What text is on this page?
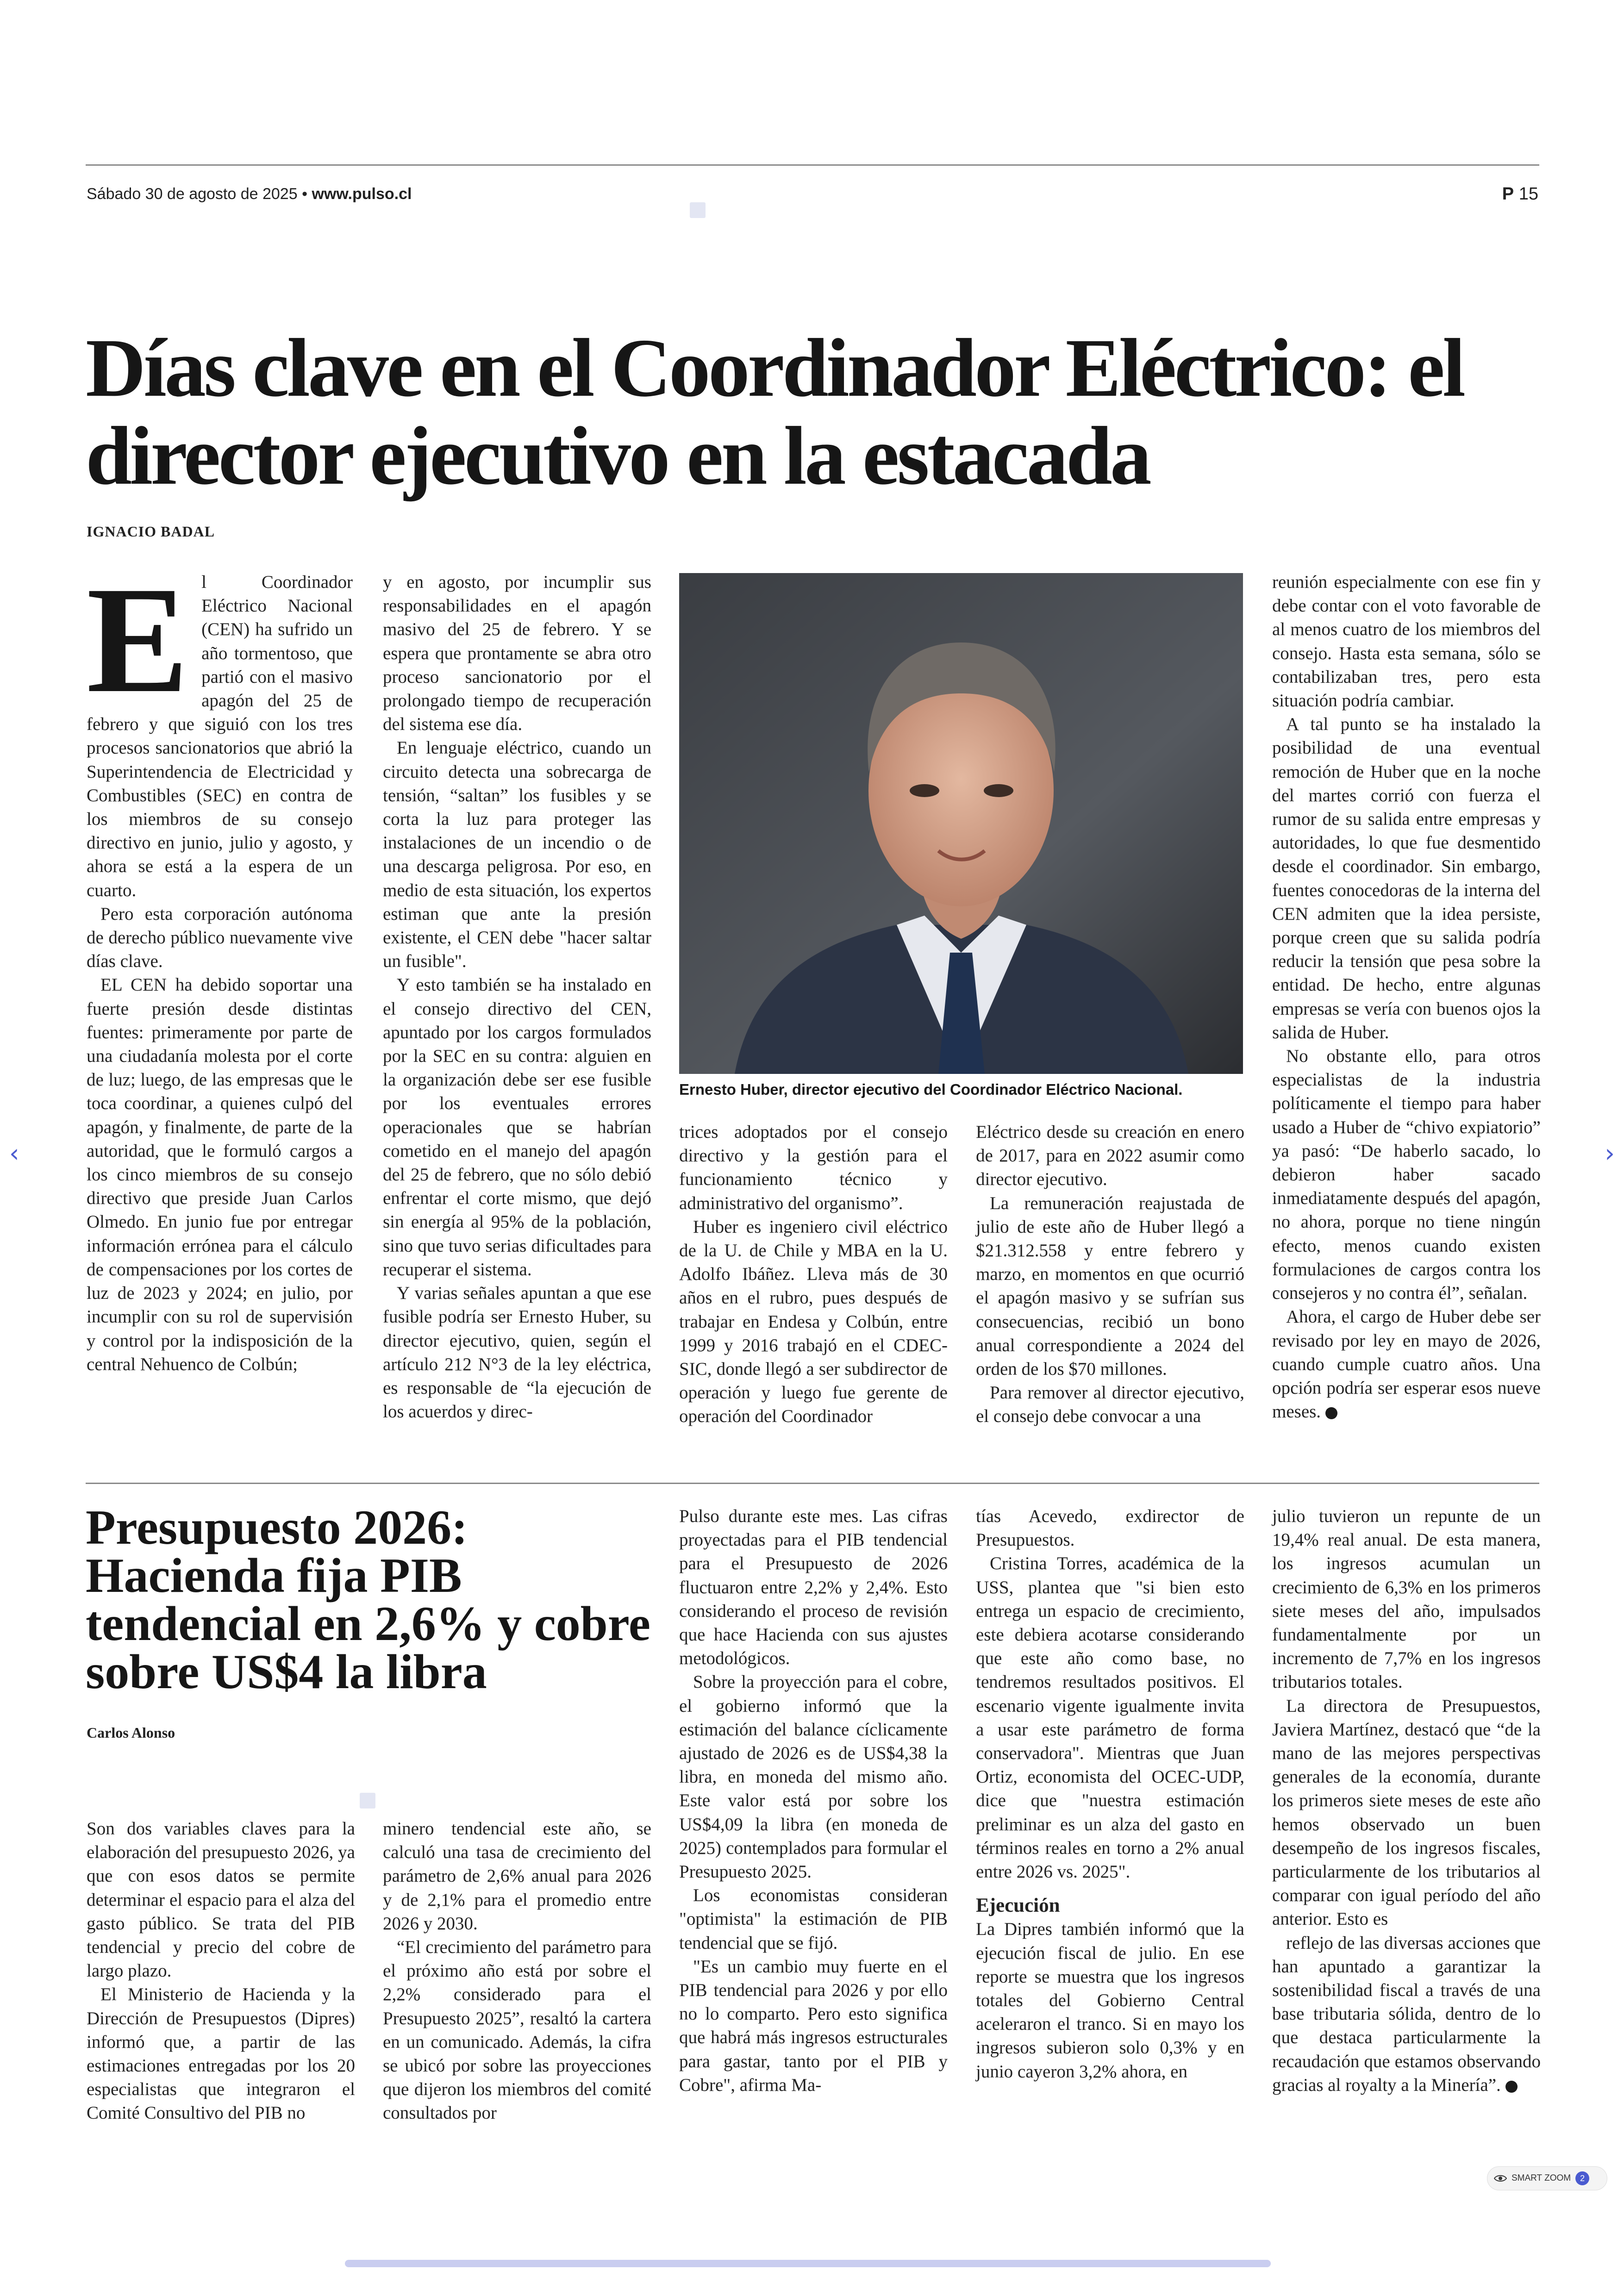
Sábado 30 de agosto de 2025 • www.pulso.cl	P 15
Días clave en el Coordinador Eléctrico: el director ejecutivo en la estacada
IGNACIO BADAL
E l Coordinador Eléctrico Nacional (CEN) ha sufrido un año tormentoso, que partió con el masivo apagón del 25 de febrero y que siguió con los tres procesos sancionatorios que abrió la Superintendencia de Electricidad y Combustibles (SEC) en contra de los miembros de su consejo directivo en junio, julio y agosto, y ahora se está a la espera de un cuarto.

Pero esta corporación autónoma de derecho público nuevamente vive días clave.

EL CEN ha debido soportar una fuerte presión desde distintas fuentes: primeramente por parte de una ciudadanía molesta por el corte de luz; luego, de las empresas que le toca coordinar, a quienes culpó del apagón, y finalmente, de parte de la autoridad, que le formuló cargos a los cinco miembros de su consejo directivo que preside Juan Carlos Olmedo. En junio fue por entregar información errónea para el cálculo de compensaciones por los cortes de luz de 2023 y 2024; en julio, por incumplir con su rol de supervisión y control por la indisposición de la central Nehuenco de Colbún;

y en agosto, por incumplir sus responsabilidades en el apagón masivo del 25 de febrero. Y se espera que prontamente se abra otro proceso sancionatorio por el prolongado tiempo de recuperación del sistema ese día.

En lenguaje eléctrico, cuando un circuito detecta una sobrecarga de tensión, “saltan” los fusibles y se corta la luz para proteger las instalaciones de un incendio o de una descarga peligrosa. Por eso, en medio de esta situación, los expertos estiman que ante la presión existente, el CEN debe "hacer saltar un fusible".

Y esto también se ha instalado en el consejo directivo del CEN, apuntado por los cargos formulados por la SEC en su contra: alguien en la organización debe ser ese fusible por los eventuales errores operacionales que se habrían cometido en el manejo del apagón del 25 de febrero, que no sólo debió enfrentar el corte mismo, que dejó sin energía al 95% de la población, sino que tuvo serias dificultades para recuperar el sistema.

Y varias señales apuntan a que ese fusible podría ser Ernesto Huber, su director ejecutivo, quien, según el artículo 212 N°3 de la ley eléctrica, es responsable de “la ejecución de los acuerdos y direc-

Ernesto Huber, director ejecutivo del Coordinador Eléctrico Nacional.

trices adoptados por el consejo directivo y la gestión para el funcionamiento técnico y administrativo del organismo”.

Huber es ingeniero civil eléctrico de la U. de Chile y MBA en la U. Adolfo Ibáñez. Lleva más de 30 años en el rubro, pues después de trabajar en Endesa y Colbún, entre 1999 y 2016 trabajó en el CDEC-SIC, donde llegó a ser subdirector de operación y luego fue gerente de operación del Coordinador

Eléctrico desde su creación en enero de 2017, para en 2022 asumir como director ejecutivo.

La remuneración reajustada de julio de este año de Huber llegó a $21.312.558 y entre febrero y marzo, en momentos en que ocurrió el apagón masivo y se sufrían sus consecuencias, recibió un bono anual correspondiente a 2024 del orden de los $70 millones.

Para remover al director ejecutivo, el consejo debe convocar a una

reunión especialmente con ese fin y debe contar con el voto favorable de al menos cuatro de los miembros del consejo. Hasta esta semana, sólo se contabilizaban tres, pero esta situación podría cambiar.

A tal punto se ha instalado la posibilidad de una eventual remoción de Huber que en la noche del martes corrió con fuerza el rumor de su salida entre empresas y autoridades, lo que fue desmentido desde el coordinador. Sin embargo, fuentes conocedoras de la interna del CEN admiten que la idea persiste, porque creen que su salida podría reducir la tensión que pesa sobre la entidad. De hecho, entre algunas empresas se vería con buenos ojos la salida de Huber.

No obstante ello, para otros especialistas de la industria políticamente el tiempo para haber usado a Huber de “chivo expiatorio” ya pasó: “De haberlo sacado, lo debieron haber sacado inmediatamente después del apagón, no ahora, porque no tiene ningún efecto, menos cuando existen formulaciones de cargos contra los consejeros y no contra él”, señalan.

Ahora, el cargo de Huber debe ser revisado por ley en mayo de 2026, cuando cumple cuatro años. Una opción podría ser esperar esos nueve meses. P

Presupuesto 2026: Hacienda fija PIB tendencial en 2,6% y cobre sobre US$4 la libra
Carlos Alonso

Son dos variables claves para la elaboración del presupuesto 2026, ya que con esos datos se permite determinar el espacio para el alza del gasto público. Se trata del PIB tendencial y precio del cobre de largo plazo.

El Ministerio de Hacienda y la Dirección de Presupuestos (Dipres) informó que, a partir de las estimaciones entregadas por los 20 especialistas que integraron el Comité Consultivo del PIB no

minero tendencial este año, se calculó una tasa de crecimiento del parámetro de 2,6% anual para 2026 y de 2,1% para el promedio entre 2026 y 2030.

“El crecimiento del parámetro para el próximo año está por sobre el 2,2% considerado para el Presupuesto 2025”, resaltó la cartera en un comunicado. Además, la cifra se ubicó por sobre las proyecciones que dijeron los miembros del comité consultados por

Pulso durante este mes. Las cifras proyectadas para el PIB tendencial para el Presupuesto de 2026 fluctuaron entre 2,2% y 2,4%. Esto considerando el proceso de revisión que hace Hacienda con sus ajustes metodológicos.

Sobre la proyección para el cobre, el gobierno informó que la estimación del balance cíclicamente ajustado de 2026 es de US$4,38 la libra, en moneda del mismo año. Este valor está por sobre los US$4,09 la libra (en moneda de 2025) contemplados para formular el Presupuesto 2025.

Los economistas consideran "optimista" la estimación de PIB tendencial que se fijó.

"Es un cambio muy fuerte en el PIB tendencial para 2026 y por ello no lo comparto. Pero esto significa que habrá más ingresos estructurales para gastar, tanto por el PIB y Cobre", afirma Ma-

tías Acevedo, exdirector de Presupuestos.

Cristina Torres, académica de la USS, plantea que "si bien esto entrega un espacio de crecimiento, este debiera acotarse considerando que este año como base, no tendremos resultados positivos. El escenario vigente igualmente invita a usar este parámetro de forma conservadora". Mientras que Juan Ortiz, economista del OCEC-UDP, dice que "nuestra estimación preliminar es un alza del gasto en términos reales en torno a 2% anual entre 2026 vs. 2025".

Ejecución

La Dipres también informó que la ejecución fiscal de julio. En ese reporte se muestra que los ingresos totales del Gobierno Central aceleraron el tranco. Si en mayo los ingresos subieron solo 0,3% y en junio cayeron 3,2% ahora, en

julio tuvieron un repunte de un 19,4% real anual. De esta manera, los ingresos acumulan un crecimiento de 6,3% en los primeros siete meses del año, impulsados fundamentalmente por un incremento de 7,7% en los ingresos tributarios totales.

La directora de Presupuestos, Javiera Martínez, destacó que “de la mano de las mejores perspectivas generales de la economía, durante los primeros siete meses de este año hemos observado un buen desempeño de los ingresos fiscales, particularmente de los tributarios al comparar con igual período del año anterior. Esto es

reflejo de las diversas acciones que han apuntado a garantizar la sostenibilidad fiscal a través de una base tributaria sólida, dentro de lo que destaca particularmente la recaudación que estamos observando gracias al royalty a la Minería”. P

‹	›
SMART ZOOM	2
